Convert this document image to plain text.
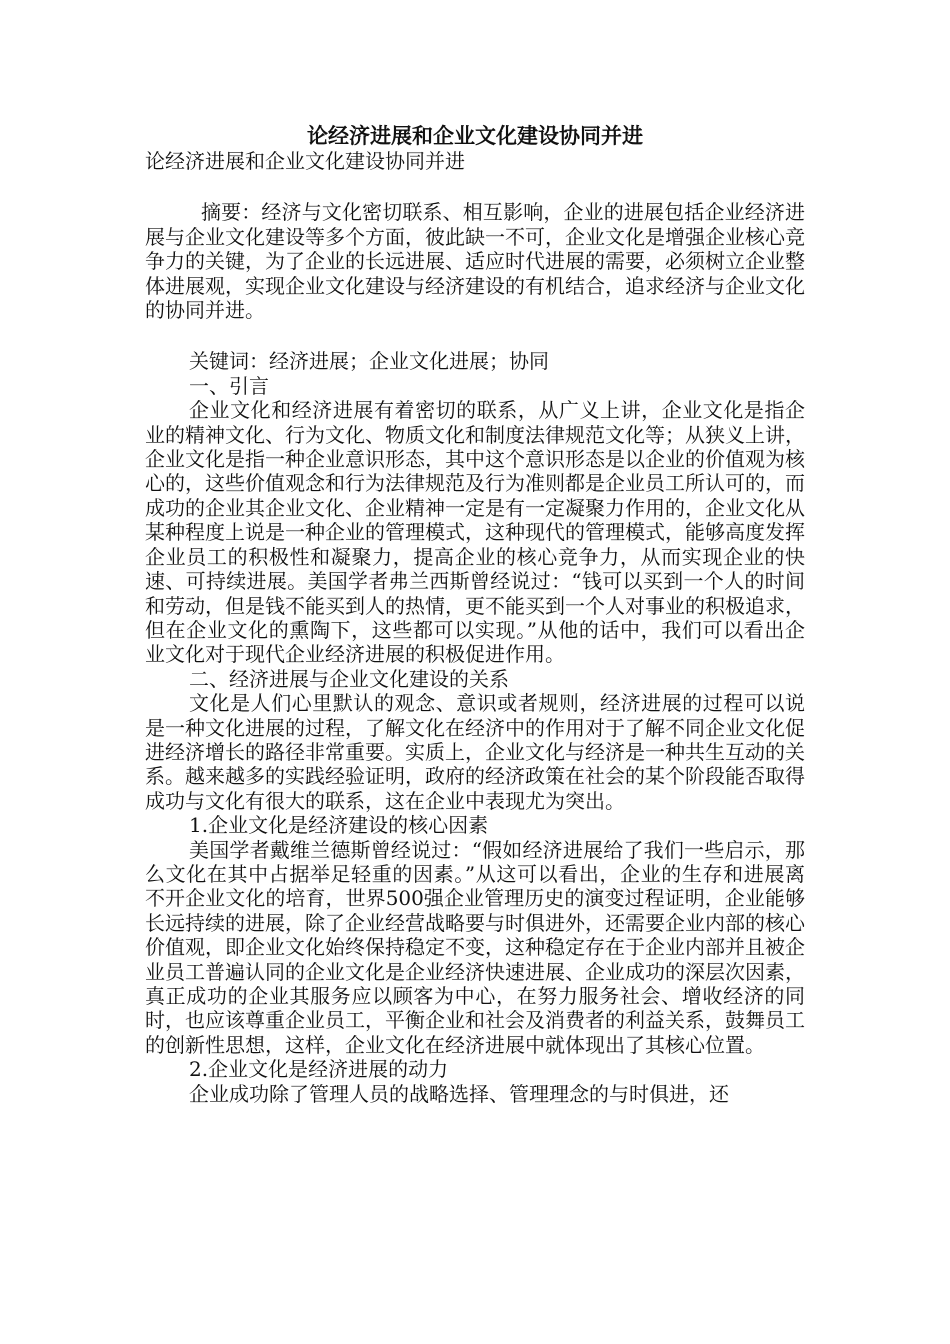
论经济进展和企业文化建设协同并进

论经济进展和企业文化建设协同并进

摘要：经济与文化密切联系、相互影响，企业的进展包括企业经济进展与企业文化建设等多个方面，彼此缺一不可，企业文化是增强企业核心竞争力的关键，为了企业的长远进展、适应时代进展的需要，必须树立企业整体进展观，实现企业文化建设与经济建设的有机结合，追求经济与企业文化的协同并进。

关键词：经济进展；企业文化进展；协同

一、引言

企业文化和经济进展有着密切的联系，从广义上讲，企业文化是指企业的精神文化、行为文化、物质文化和制度法律规范文化等；从狭义上讲，企业文化是指一种企业意识形态，其中这个意识形态是以企业的价值观为核心的，这些价值观念和行为法律规范及行为准则都是企业员工所认可的，而成功的企业其企业文化、企业精神一定是有一定凝聚力作用的，企业文化从某种程度上说是一种企业的管理模式，这种现代的管理模式，能够高度发挥企业员工的积极性和凝聚力，提高企业的核心竞争力，从而实现企业的快速、可持续进展。美国学者弗兰西斯曾经说过：“钱可以买到一个人的时间和劳动，但是钱不能买到人的热情，更不能买到一个人对事业的积极追求，但在企业文化的熏陶下，这些都可以实现。”从他的话中，我们可以看出企业文化对于现代企业经济进展的积极促进作用。

二、经济进展与企业文化建设的关系

文化是人们心里默认的观念、意识或者规则，经济进展的过程可以说是一种文化进展的过程，了解文化在经济中的作用对于了解不同企业文化促进经济增长的路径非常重要。实质上，企业文化与经济是一种共生互动的关系。越来越多的实践经验证明，政府的经济政策在社会的某个阶段能否取得成功与文化有很大的联系，这在企业中表现尤为突出。

1.企业文化是经济建设的核心因素

美国学者戴维兰德斯曾经说过：“假如经济进展给了我们一些启示，那么文化在其中占据举足轻重的因素。”从这可以看出，企业的生存和进展离不开企业文化的培育，世界500强企业管理历史的演变过程证明，企业能够长远持续的进展，除了企业经营战略要与时俱进外，还需要企业内部的核心价值观，即企业文化始终保持稳定不变，这种稳定存在于企业内部并且被企业员工普遍认同的企业文化是企业经济快速进展、企业成功的深层次因素，真正成功的企业其服务应以顾客为中心，在努力服务社会、增收经济的同时，也应该尊重企业员工，平衡企业和社会及消费者的利益关系，鼓舞员工的创新性思想，这样，企业文化在经济进展中就体现出了其核心位置。

2.企业文化是经济进展的动力

企业成功除了管理人员的战略选择、管理理念的与时俱进，还
